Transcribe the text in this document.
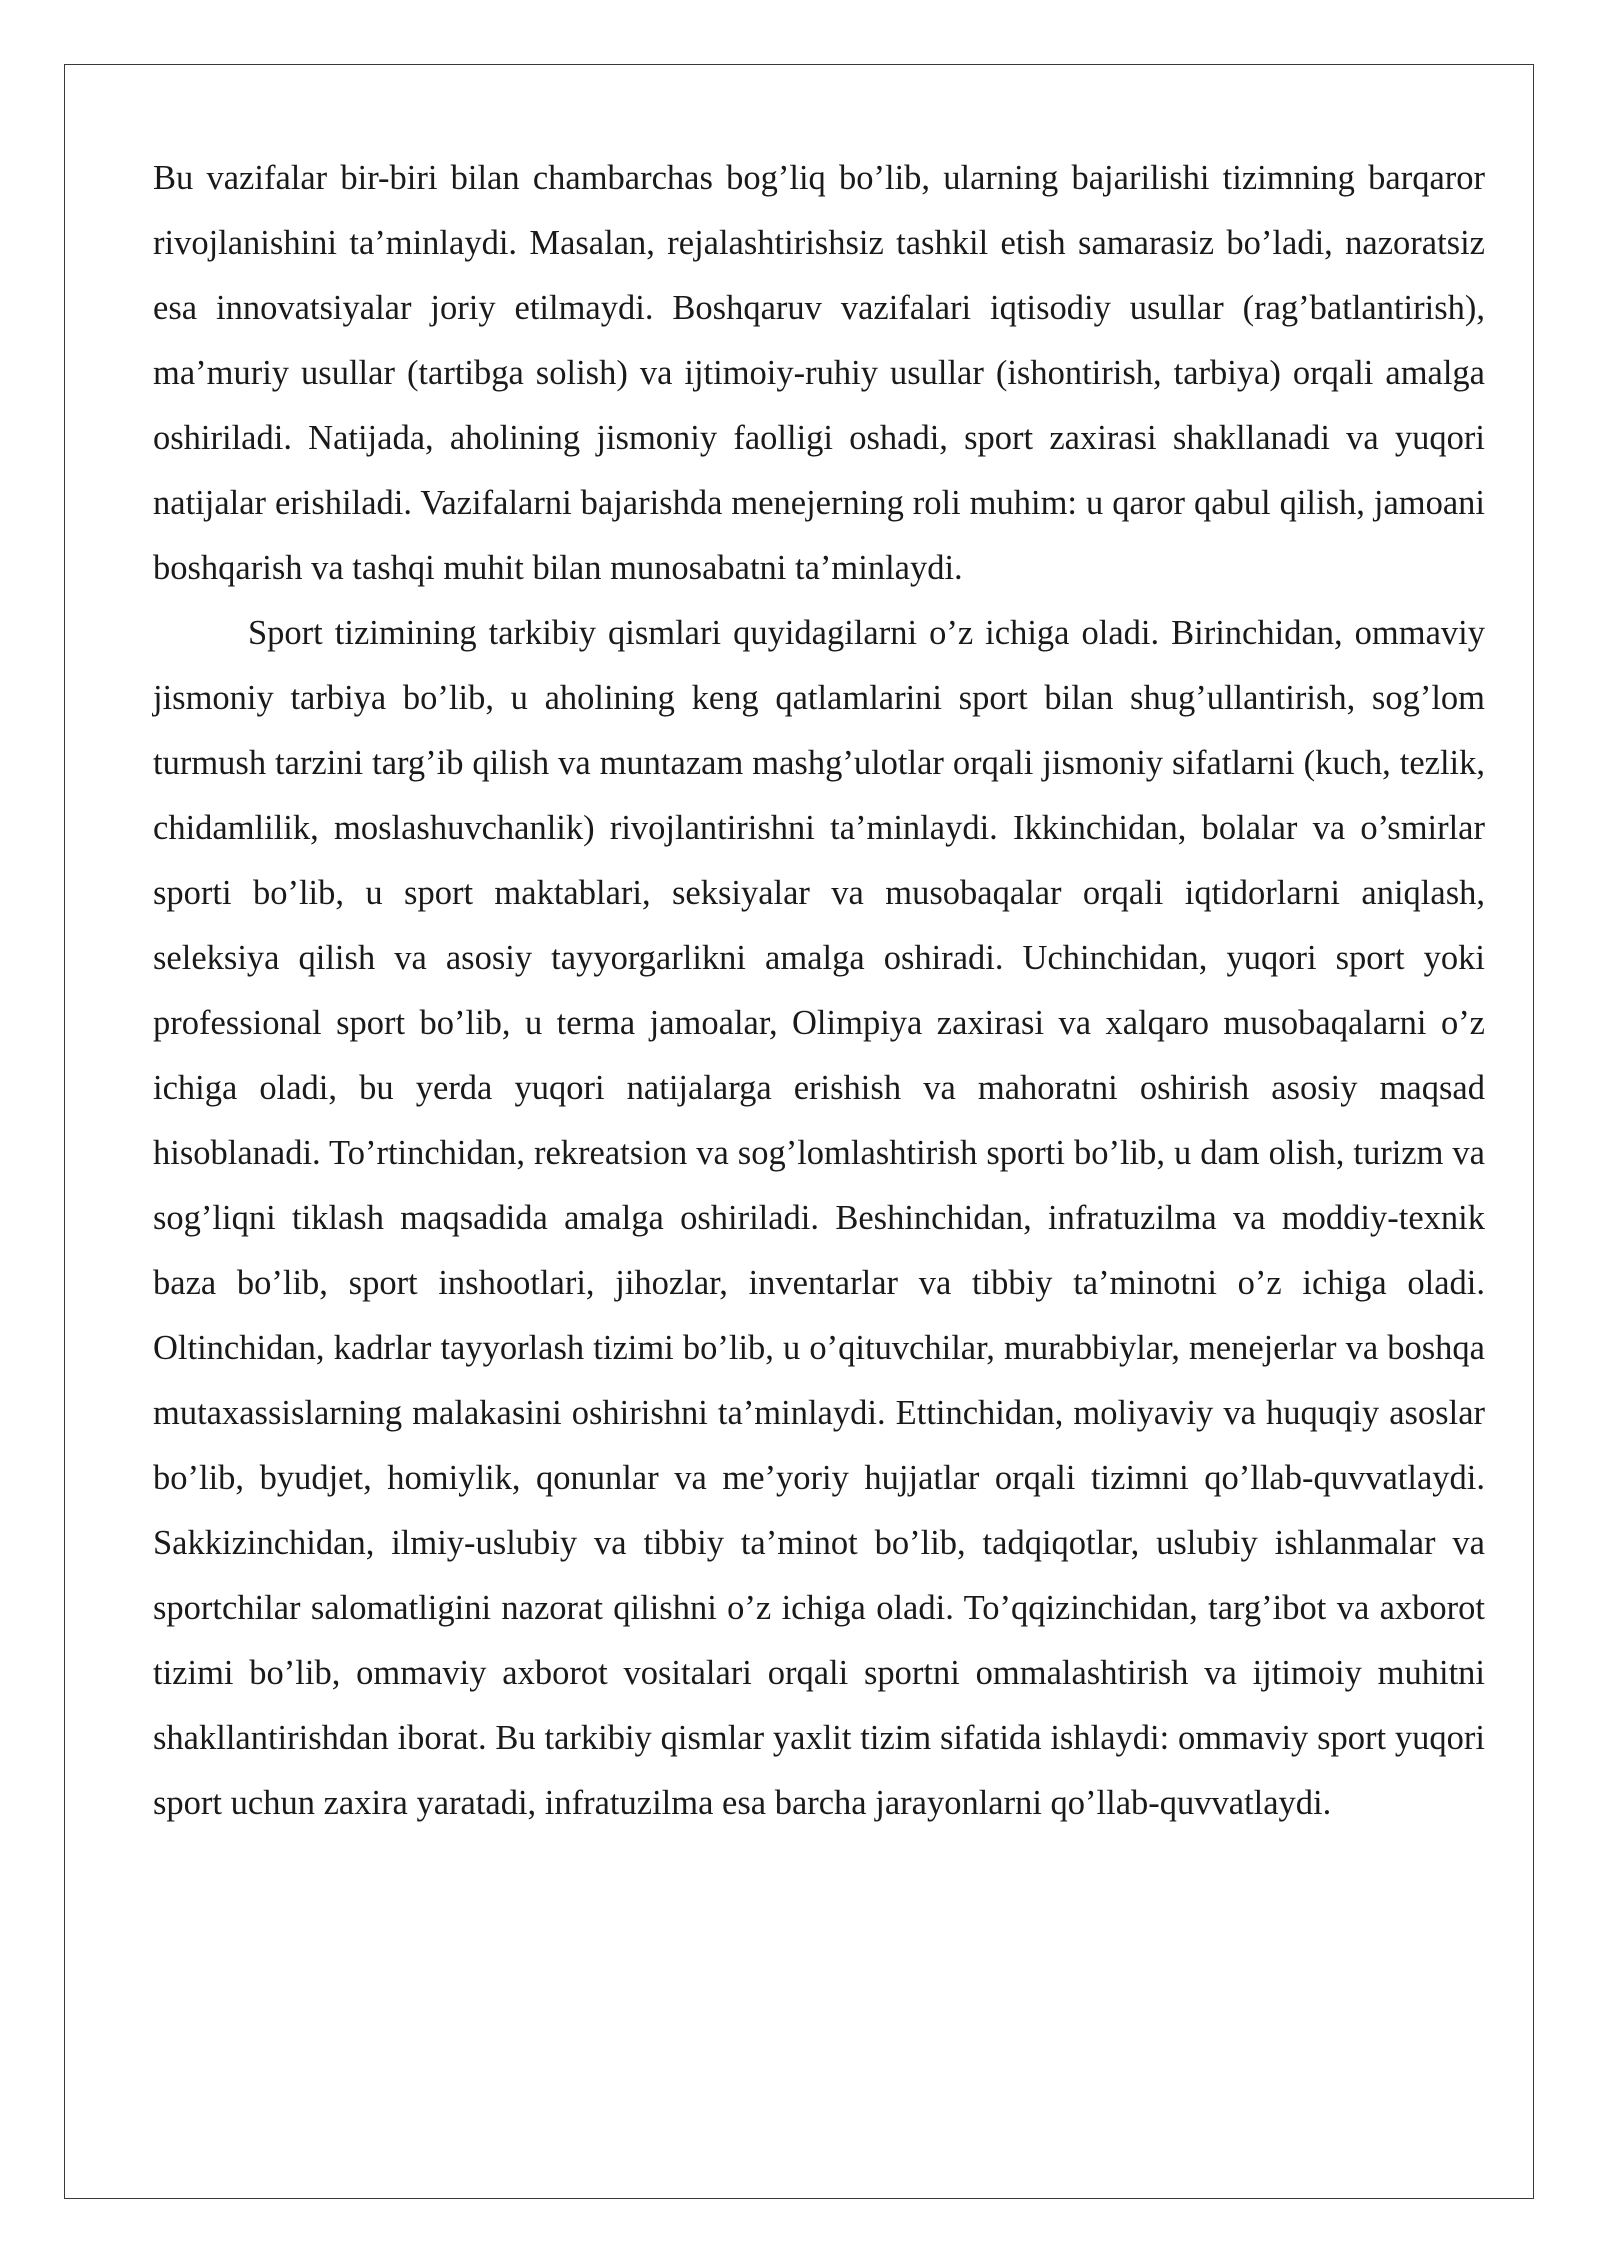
Bu vazifalar bir-biri bilan chambarchas bog’liq bo’lib, ularning bajarilishi tizimning barqaror rivojlanishini ta’minlaydi. Masalan, rejalashtirishsiz tashkil etish samarasiz bo’ladi, nazoratsiz esa innovatsiyalar joriy etilmaydi. Boshqaruv vazifalari iqtisodiy usullar (rag’batlantirish), ma’muriy usullar (tartibga solish) va ijtimoiy-ruhiy usullar (ishontirish, tarbiya) orqali amalga oshiriladi. Natijada, aholining jismoniy faolligi oshadi, sport zaxirasi shakllanadi va yuqori natijalar erishiladi. Vazifalarni bajarishda menejerning roli muhim: u qaror qabul qilish, jamoani boshqarish va tashqi muhit bilan munosabatni ta’minlaydi.

Sport tizimining tarkibiy qismlari quyidagilarni o’z ichiga oladi. Birinchidan, ommaviy jismoniy tarbiya bo’lib, u aholining keng qatlamlarini sport bilan shug’ullantirish, sog’lom turmush tarzini targ’ib qilish va muntazam mashg’ulotlar orqali jismoniy sifatlarni (kuch, tezlik, chidamlilik, moslashuvchanlik) rivojlantirishni ta’minlaydi. Ikkinchidan, bolalar va o’smirlar sporti bo’lib, u sport maktablari, seksiyalar va musobaqalar orqali iqtidorlarni aniqlash, seleksiya qilish va asosiy tayyorgarlikni amalga oshiradi. Uchinchidan, yuqori sport yoki professional sport bo’lib, u terma jamoalar, Olimpiya zaxirasi va xalqaro musobaqalarni o’z ichiga oladi, bu yerda yuqori natijalarga erishish va mahoratni oshirish asosiy maqsad hisoblanadi. To’rtinchidan, rekreatsion va sog’lomlashtirish sporti bo’lib, u dam olish, turizm va sog’liqni tiklash maqsadida amalga oshiriladi. Beshinchidan, infratuzilma va moddiy-texnik baza bo’lib, sport inshootlari, jihozlar, inventarlar va tibbiy ta’minotni o’z ichiga oladi. Oltinchidan, kadrlar tayyorlash tizimi bo’lib, u o’qituvchilar, murabbiylar, menejerlar va boshqa mutaxassislarning malakasini oshirishni ta’minlaydi. Ettinchidan, moliyaviy va huquqiy asoslar bo’lib, byudjet, homiylik, qonunlar va me’yoriy hujjatlar orqali tizimni qo’llab-quvvatlaydi. Sakkizinchidan, ilmiy-uslubiy va tibbiy ta’minot bo’lib, tadqiqotlar, uslubiy ishlanmalar va sportchilar salomatligini nazorat qilishni o’z ichiga oladi. To’qqizinchidan, targ’ibot va axborot tizimi bo’lib, ommaviy axborot vositalari orqali sportni ommalashtirish va ijtimoiy muhitni shakllantirishdan iborat. Bu tarkibiy qismlar yaxlit tizim sifatida ishlaydi: ommaviy sport yuqori sport uchun zaxira yaratadi, infratuzilma esa barcha jarayonlarni qo’llab-quvvatlaydi.
